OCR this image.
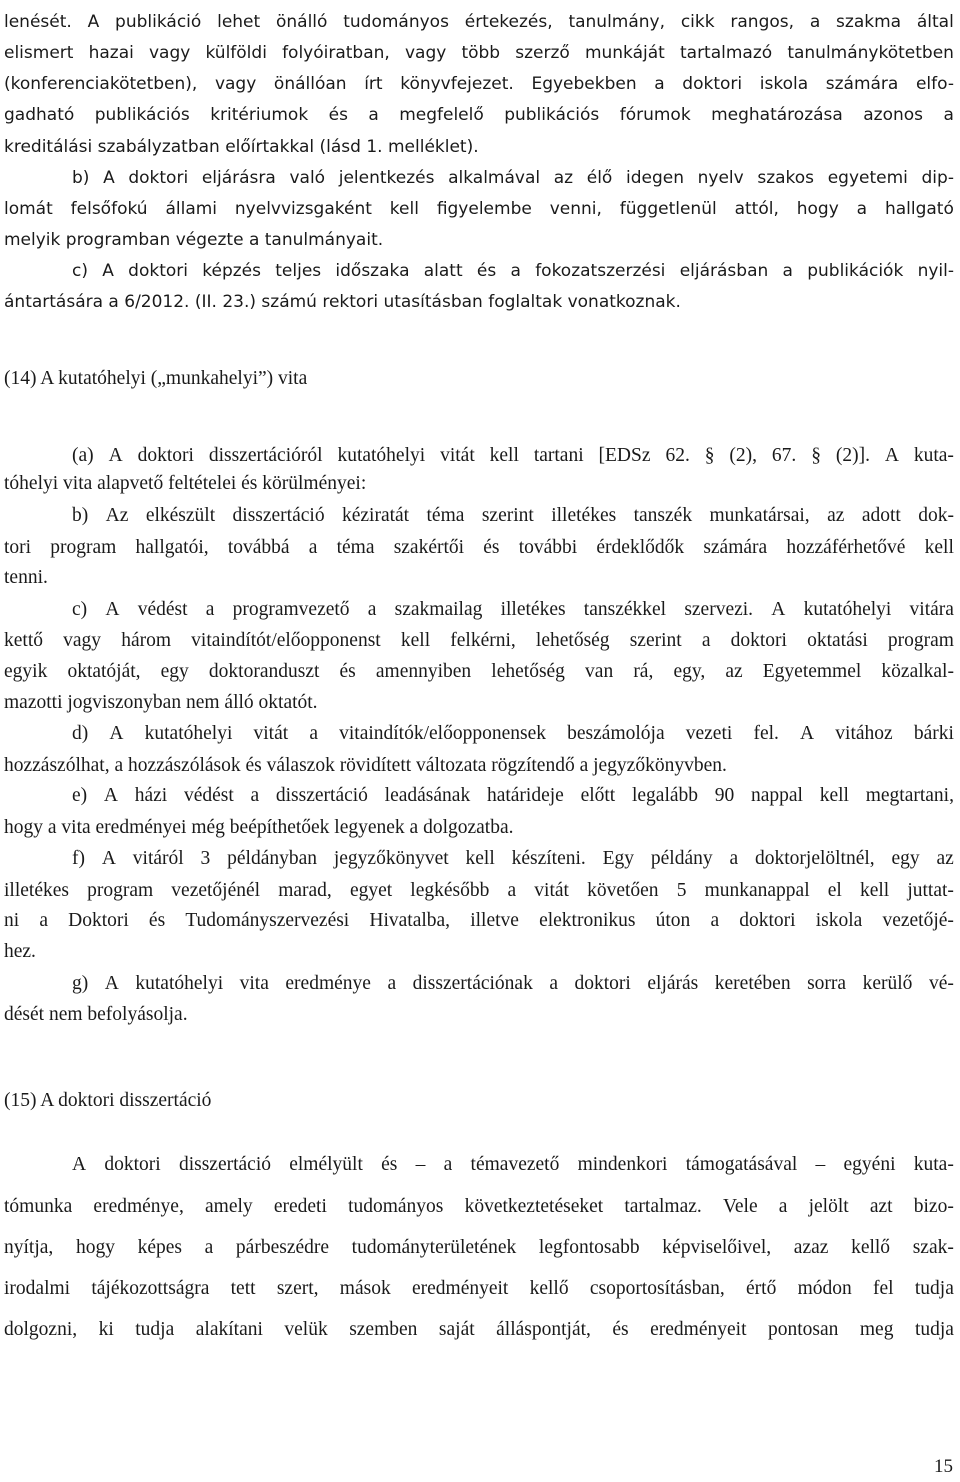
lenését. A publikáció lehet önálló tudományos értekezés, tanulmány, cikk rangos, a szakma által
elismert hazai vagy külföldi folyóiratban, vagy több szerző munkáját tartalmazó tanulmánykötetben
(konferenciakötetben), vagy önállóan írt könyvfejezet. Egyebekben a doktori iskola számára elfo-
gadható publikációs kritériumok és a megfelelő publikációs fórumok meghatározása azonos a
kreditálási szabályzatban előírtakkal (lásd 1. melléklet).
b) A doktori eljárásra való jelentkezés alkalmával az élő idegen nyelv szakos egyetemi dip-
lomát felsőfokú állami nyelvvizsgaként kell figyelembe venni, függetlenül attól, hogy a hallgató
melyik programban végezte a tanulmányait.
c) A doktori képzés teljes időszaka alatt és a fokozatszerzési eljárásban a publikációk nyil-
ántartására a 6/2012. (II. 23.) számú rektori utasításban foglaltak vonatkoznak.
(14) A kutatóhelyi („munkahelyi”) vita
(a) A doktori disszertációról kutatóhelyi vitát kell tartani [EDSz 62. § (2), 67. § (2)]. A kuta-
tóhelyi vita alapvető feltételei és körülményei:
b) Az elkészült disszertáció kéziratát téma szerint illetékes tanszék munkatársai, az adott dok-
tori program hallgatói, továbbá a téma szakértői és további érdeklődők számára hozzáférhetővé kell
tenni.
c) A védést a programvezető a szakmailag illetékes tanszékkel szervezi. A kutatóhelyi vitára
kettő vagy három vitaindítót/előopponenst kell felkérni, lehetőség szerint a doktori oktatási program
egyik oktatóját, egy doktoranduszt és amennyiben lehetőség van rá, egy, az Egyetemmel közalkal-
mazotti jogviszonyban nem álló oktatót.
d) A kutatóhelyi vitát a vitaindítók/előopponensek beszámolója vezeti fel. A vitához bárki
hozzászólhat, a hozzászólások és válaszok rövidített változata rögzítendő a jegyzőkönyvben.
e) A házi védést a disszertáció leadásának határideje előtt legalább 90 nappal kell megtartani,
hogy a vita eredményei még beépíthetőek legyenek a dolgozatba.
f) A vitáról 3 példányban jegyzőkönyvet kell készíteni. Egy példány a doktorjelöltnél, egy az
illetékes program vezetőjénél marad, egyet legkésőbb a vitát követően 5 munkanappal el kell juttat-
ni a Doktori és Tudományszervezési Hivatalba, illetve elektronikus úton a doktori iskola vezetőjé-
hez.
g) A kutatóhelyi vita eredménye a disszertációnak a doktori eljárás keretében sorra kerülő vé-
dését nem befolyásolja.
(15) A doktori disszertáció
A doktori disszertáció elmélyült és – a témavezető mindenkori támogatásával – egyéni kuta-
tómunka eredménye, amely eredeti tudományos következtetéseket tartalmaz. Vele a jelölt azt bizo-
nyítja, hogy képes a párbeszédre tudományterületének legfontosabb képviselőivel, azaz kellő szak-
irodalmi tájékozottságra tett szert, mások eredményeit kellő csoportosításban, értő módon fel tudja
dolgozni, ki tudja alakítani velük szemben saját álláspontját, és eredményeit pontosan meg tudja
15
